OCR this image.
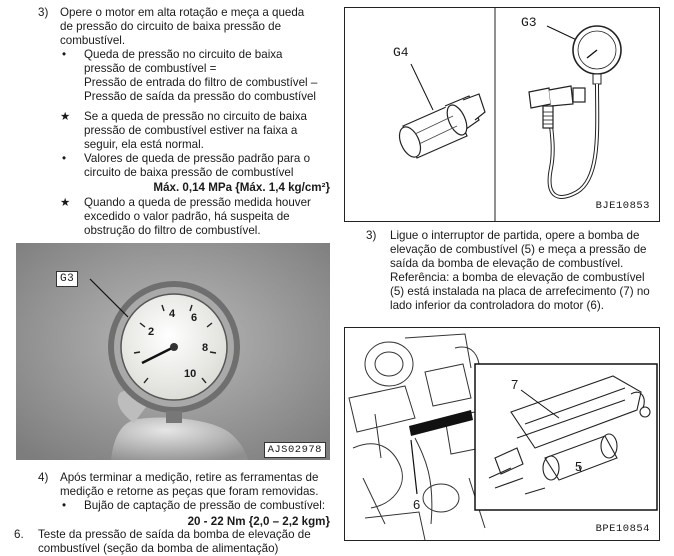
3) Opere o motor em alta rotação e meça a queda

de pressão do circuito de baixa pressão de

combustível.

• Queda de pressão no circuito de baixa

pressão de combustível =

Pressão de entrada do filtro de combustível –

Pressão de saída da pressão do combustível

★ Se a queda de pressão no circuito de baixa

pressão de combustível estiver na faixa a

seguir, ela está normal.

• Valores de queda de pressão padrão para o

circuito de baixa pressão de combustível

Máx. 0,14 MPa {Máx. 1,4 kg/cm²}
★ Quando a queda de pressão medida houver

excedido o valor padrão, há suspeita de

obstrução do filtro de combustível.

2
4 6
8
10
G3
AJS02978
4) Após terminar a medição, retire as ferramentas de

medição e retorne as peças que foram removidas.

• Bujão de captação de pressão de combustível:
20 - 22 Nm {2,0 – 2,2 kgm}
6. Teste da pressão de saída da bomba de elevação de

combustível (seção da bomba de alimentação)

G4
G3
BJE10853
3) Ligue o interruptor de partida, opere a bomba de

elevação de combustível (5) e meça a pressão de

saída da bomba de elevação de combustível.

Referência: a bomba de elevação de combustível

(5) está instalada na placa de arrefecimento (7) no

lado inferior da controladora do motor (6).

7
5
6
BPE10854
